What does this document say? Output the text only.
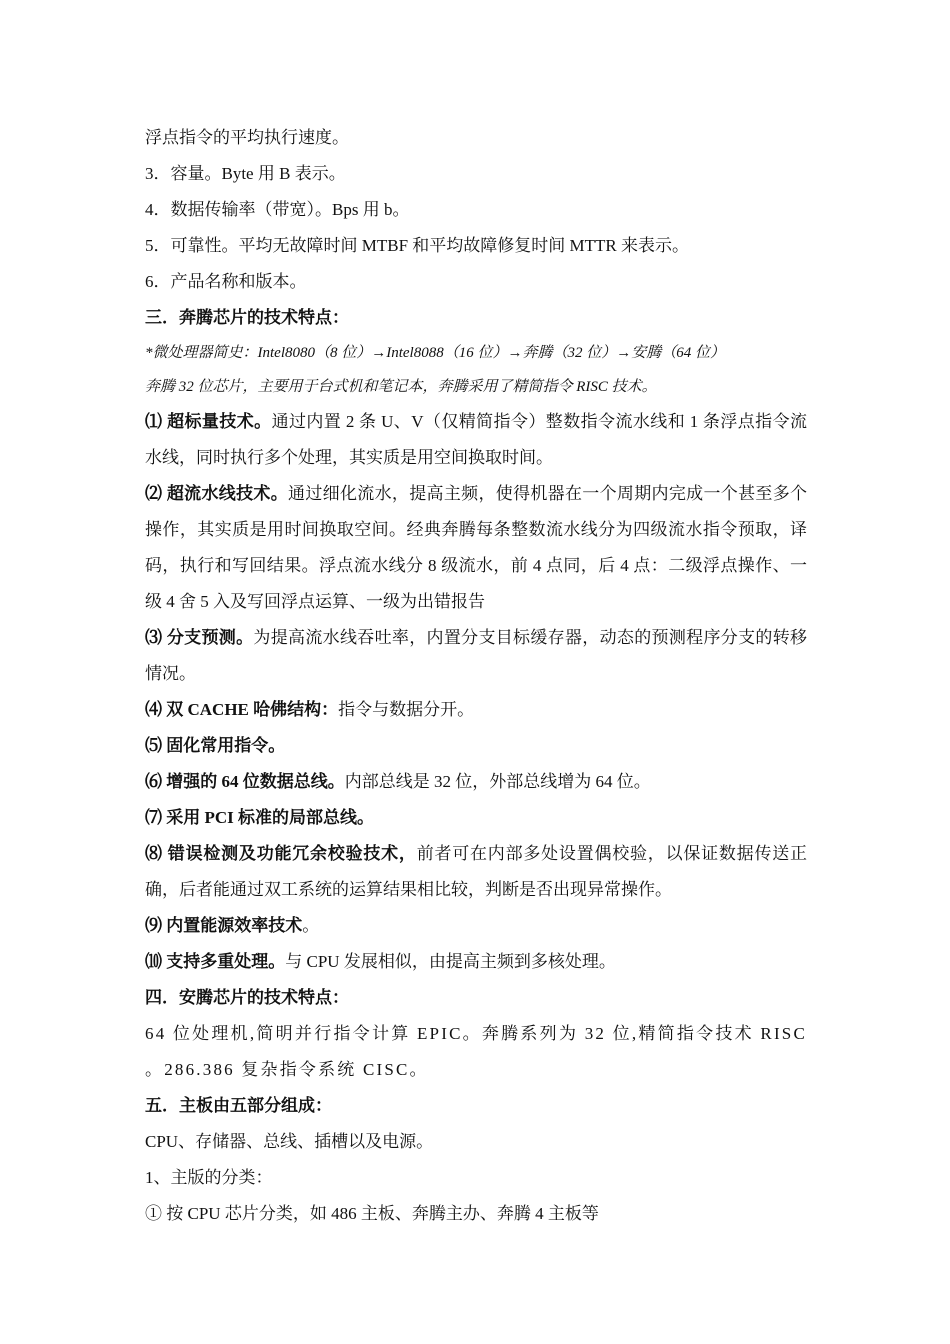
浮点指令的平均执行速度。
3．容量。Byte 用 B 表示。
4．数据传输率（带宽）。Bps 用 b。
5．可靠性。平均无故障时间 MTBF 和平均故障修复时间 MTTR 来表示。
6．产品名称和版本。
三．奔腾芯片的技术特点：
*微处理器简史：Intel8080（8 位）→Intel8088（16 位）→奔腾（32 位）→安腾（64 位）
奔腾 32 位芯片，主要用于台式机和笔记本，奔腾采用了精简指令 RISC 技术。
⑴ 超标量技术。通过内置 2 条 U、V（仅精简指令）整数指令流水线和 1 条浮点指令流水线，同时执行多个处理，其实质是用空间换取时间。
⑵ 超流水线技术。通过细化流水，提高主频，使得机器在一个周期内完成一个甚至多个操作，其实质是用时间换取空间。经典奔腾每条整数流水线分为四级流水指令预取，译码，执行和写回结果。浮点流水线分 8 级流水，前 4 点同，后 4 点：二级浮点操作、一级 4 舍 5 入及写回浮点运算、一级为出错报告
⑶ 分支预测。为提高流水线吞吐率，内置分支目标缓存器，动态的预测程序分支的转移情况。
⑷ 双 CACHE 哈佛结构：指令与数据分开。
⑸ 固化常用指令。
⑹ 增强的 64 位数据总线。内部总线是 32 位，外部总线增为 64 位。
⑺ 采用 PCI 标准的局部总线。
⑻ 错误检测及功能冗余校验技术，前者可在内部多处设置偶校验，以保证数据传送正确，后者能通过双工系统的运算结果相比较，判断是否出现异常操作。
⑼ 内置能源效率技术。
⑽ 支持多重处理。与 CPU 发展相似，由提高主频到多核处理。
四．安腾芯片的技术特点：
64 位处理机,简明并行指令计算 EPIC。奔腾系列为 32 位,精简指令技术 RISC 。286.386 复杂指令系统 CISC。
五．主板由五部分组成：
CPU、存储器、总线、插槽以及电源。
1、主版的分类：
① 按 CPU 芯片分类，如 486 主板、奔腾主办、奔腾 4 主板等
